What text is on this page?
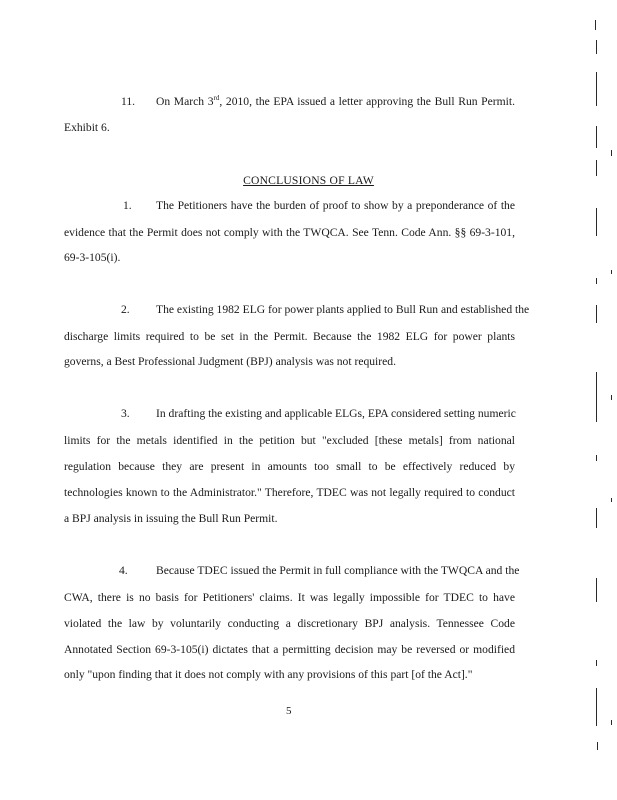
11. On March 3rd, 2010, the EPA issued a letter approving the Bull Run Permit.
Exhibit 6.
CONCLUSIONS OF LAW
1. The Petitioners have the burden of proof to show by a preponderance of the
evidence that the Permit does not comply with the TWQCA. See Tenn. Code Ann. §§ 69-3-101,
69-3-105(i).
2. The existing 1982 ELG for power plants applied to Bull Run and established the
discharge limits required to be set in the Permit. Because the 1982 ELG for power plants
governs, a Best Professional Judgment (BPJ) analysis was not required.
3. In drafting the existing and applicable ELGs, EPA considered setting numeric
limits for the metals identified in the petition but "excluded [these metals] from national
regulation because they are present in amounts too small to be effectively reduced by
technologies known to the Administrator." Therefore, TDEC was not legally required to conduct
a BPJ analysis in issuing the Bull Run Permit.
4. Because TDEC issued the Permit in full compliance with the TWQCA and the
CWA, there is no basis for Petitioners' claims. It was legally impossible for TDEC to have
violated the law by voluntarily conducting a discretionary BPJ analysis. Tennessee Code
Annotated Section 69-3-105(i) dictates that a permitting decision may be reversed or modified
only "upon finding that it does not comply with any provisions of this part [of the Act]."
5
